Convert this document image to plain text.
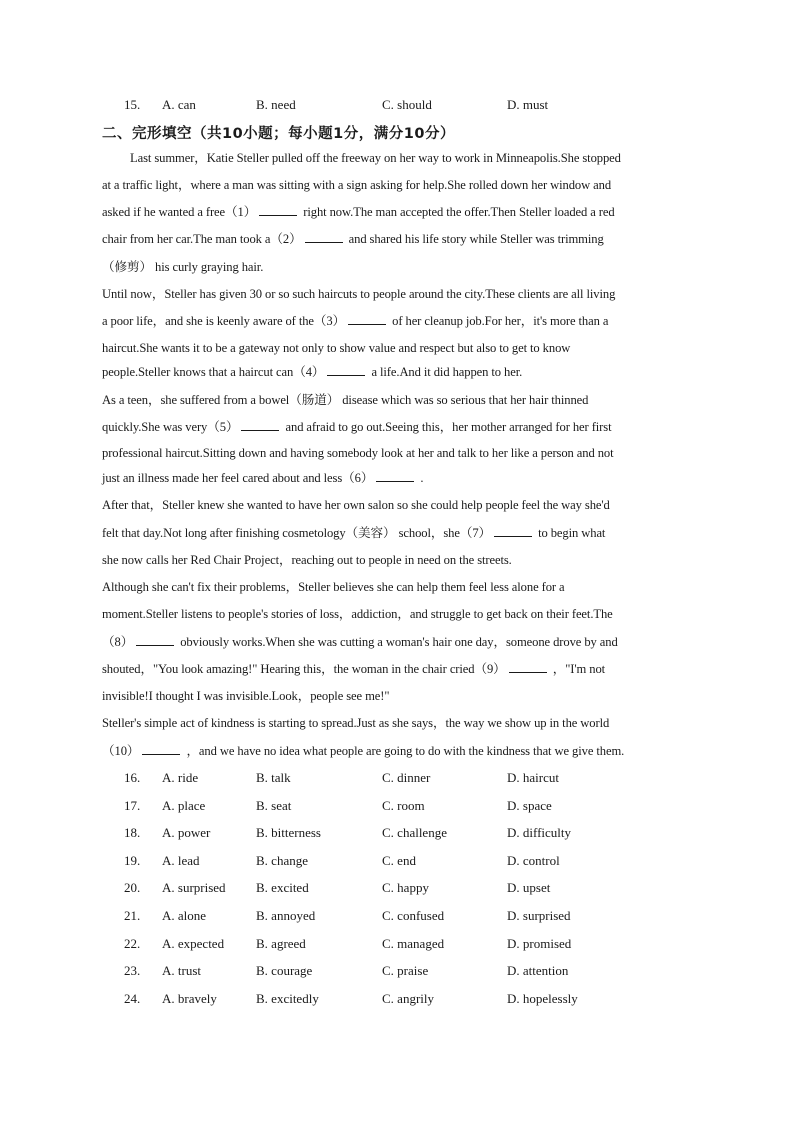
15. A. can	B. need	C. should	D. must
二、完形填空（共10小题；每小题1分，满分10分）
Last summer，Katie Steller pulled off the freeway on her way to work in Minneapolis.She stopped
at a traffic light，where a man was sitting with a sign asking for help.She rolled down her window and
asked if he wanted a free（1）	right now.The man accepted the offer.Then Steller loaded a red
chair from her car.The man took a（2）	and shared his life story while Steller was trimming
（修剪） his curly graying hair.
Until now，Steller has given 30 or so such haircuts to people around the city.These clients are all living
a poor life，and she is keenly aware of the（3）	of her cleanup job.For her，it's more than a
haircut.She wants it to be a gateway not only to show value and respect but also to get to know
people.Steller knows that a haircut can（4）	a life.And it did happen to her.
As a teen，she suffered from a bowel（肠道） disease which was so serious that her hair thinned
quickly.She was very（5）	and afraid to go out.Seeing this，her mother arranged for her first
professional haircut.Sitting down and having somebody look at her and talk to her like a person and not
just an illness made her feel cared about and less（6）	.
After that，Steller knew she wanted to have her own salon so she could help people feel the way she'd
felt that day.Not long after finishing cosmetology（美容） school，she（7）	to begin what
she now calls her Red Chair Project，reaching out to people in need on the streets.
Although she can't fix their problems，Steller believes she can help them feel less alone for a
moment.Steller listens to people's stories of loss，addiction，and struggle to get back on their feet.The
（8）	obviously works.When she was cutting a woman's hair one day，someone drove by and
shouted，"You look amazing!" Hearing this，the woman in the chair cried（9）	，"I'm not
invisible!I thought I was invisible.Look，people see me!"
Steller's simple act of kindness is starting to spread.Just as she says，the way we show up in the world
（10）	，and we have no idea what people are going to do with the kindness that we give them.
16. A. ride	B. talk	C. dinner	D. haircut
17. A. place	B. seat	C. room	D. space
18. A. power	B. bitterness	C. challenge	D. difficulty
19. A. lead	B. change	C. end	D. control
20. A. surprised B. excited	C. happy	D. upset
21. A. alone	B. annoyed	C. confused	D. surprised
22. A. expected B. agreed	C. managed	D. promised
23. A. trust	B. courage	C. praise	D. attention
24. A. bravely	B. excitedly	C. angrily	D. hopelessly
